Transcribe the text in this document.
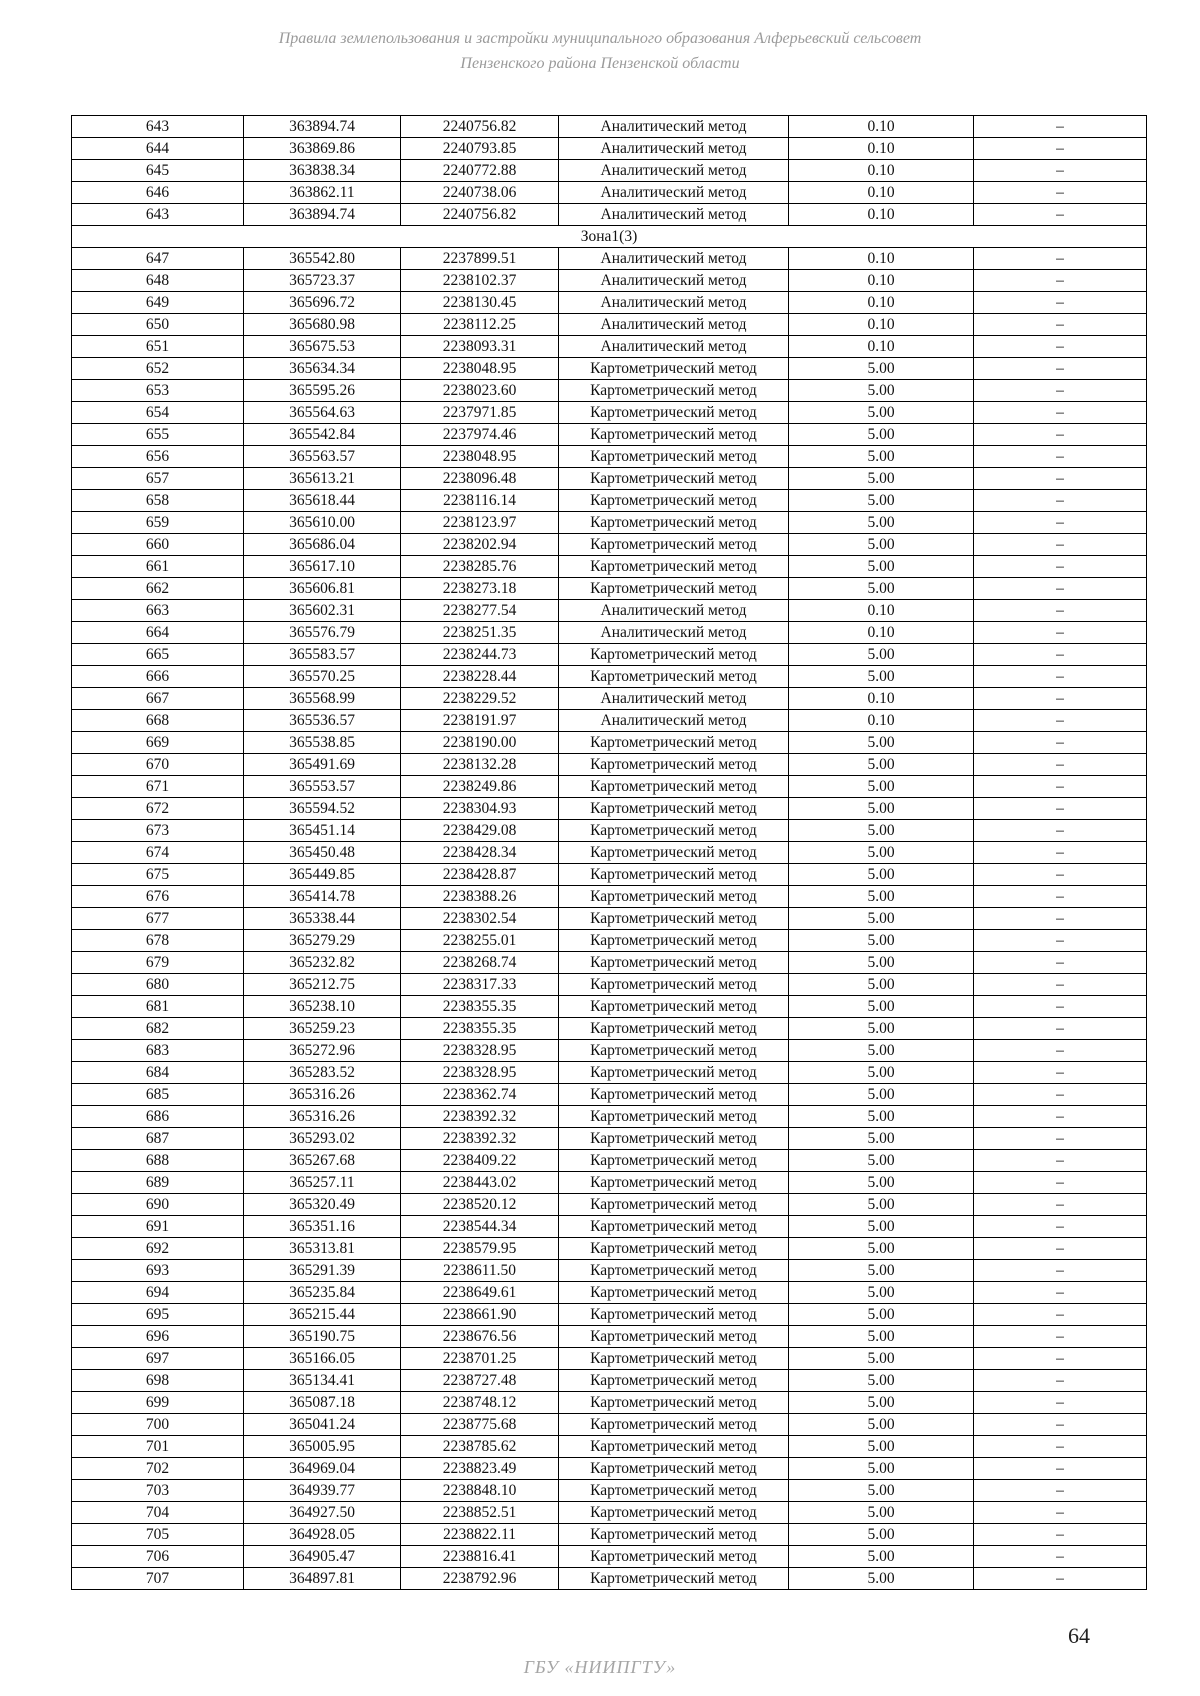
Правила землепользования и застройки муниципального образования Алферьевский сельсовет
Пензенского района Пензенской области
643	363894.74	2240756.82	Аналитический метод	0.10	–
644	363869.86	2240793.85	Аналитический метод	0.10	–
645	363838.34	2240772.88	Аналитический метод	0.10	–
646	363862.11	2240738.06	Аналитический метод	0.10	–
643	363894.74	2240756.82	Аналитический метод	0.10	–
Зона1(3)					
647	365542.80	2237899.51	Аналитический метод	0.10	–
648	365723.37	2238102.37	Аналитический метод	0.10	–
649	365696.72	2238130.45	Аналитический метод	0.10	–
650	365680.98	2238112.25	Аналитический метод	0.10	–
651	365675.53	2238093.31	Аналитический метод	0.10	–
652	365634.34	2238048.95	Картометрический метод	5.00	–
653	365595.26	2238023.60	Картометрический метод	5.00	–
654	365564.63	2237971.85	Картометрический метод	5.00	–
655	365542.84	2237974.46	Картометрический метод	5.00	–
656	365563.57	2238048.95	Картометрический метод	5.00	–
657	365613.21	2238096.48	Картометрический метод	5.00	–
658	365618.44	2238116.14	Картометрический метод	5.00	–
659	365610.00	2238123.97	Картометрический метод	5.00	–
660	365686.04	2238202.94	Картометрический метод	5.00	–
661	365617.10	2238285.76	Картометрический метод	5.00	–
662	365606.81	2238273.18	Картометрический метод	5.00	–
663	365602.31	2238277.54	Аналитический метод	0.10	–
664	365576.79	2238251.35	Аналитический метод	0.10	–
665	365583.57	2238244.73	Картометрический метод	5.00	–
666	365570.25	2238228.44	Картометрический метод	5.00	–
667	365568.99	2238229.52	Аналитический метод	0.10	–
668	365536.57	2238191.97	Аналитический метод	0.10	–
669	365538.85	2238190.00	Картометрический метод	5.00	–
670	365491.69	2238132.28	Картометрический метод	5.00	–
671	365553.57	2238249.86	Картометрический метод	5.00	–
672	365594.52	2238304.93	Картометрический метод	5.00	–
673	365451.14	2238429.08	Картометрический метод	5.00	–
674	365450.48	2238428.34	Картометрический метод	5.00	–
675	365449.85	2238428.87	Картометрический метод	5.00	–
676	365414.78	2238388.26	Картометрический метод	5.00	–
677	365338.44	2238302.54	Картометрический метод	5.00	–
678	365279.29	2238255.01	Картометрический метод	5.00	–
679	365232.82	2238268.74	Картометрический метод	5.00	–
680	365212.75	2238317.33	Картометрический метод	5.00	–
681	365238.10	2238355.35	Картометрический метод	5.00	–
682	365259.23	2238355.35	Картометрический метод	5.00	–
683	365272.96	2238328.95	Картометрический метод	5.00	–
684	365283.52	2238328.95	Картометрический метод	5.00	–
685	365316.26	2238362.74	Картометрический метод	5.00	–
686	365316.26	2238392.32	Картометрический метод	5.00	–
687	365293.02	2238392.32	Картометрический метод	5.00	–
688	365267.68	2238409.22	Картометрический метод	5.00	–
689	365257.11	2238443.02	Картометрический метод	5.00	–
690	365320.49	2238520.12	Картометрический метод	5.00	–
691	365351.16	2238544.34	Картометрический метод	5.00	–
692	365313.81	2238579.95	Картометрический метод	5.00	–
693	365291.39	2238611.50	Картометрический метод	5.00	–
694	365235.84	2238649.61	Картометрический метод	5.00	–
695	365215.44	2238661.90	Картометрический метод	5.00	–
696	365190.75	2238676.56	Картометрический метод	5.00	–
697	365166.05	2238701.25	Картометрический метод	5.00	–
698	365134.41	2238727.48	Картометрический метод	5.00	–
699	365087.18	2238748.12	Картометрический метод	5.00	–
700	365041.24	2238775.68	Картометрический метод	5.00	–
701	365005.95	2238785.62	Картометрический метод	5.00	–
702	364969.04	2238823.49	Картометрический метод	5.00	–
703	364939.77	2238848.10	Картометрический метод	5.00	–
704	364927.50	2238852.51	Картометрический метод	5.00	–
705	364928.05	2238822.11	Картометрический метод	5.00	–
706	364905.47	2238816.41	Картометрический метод	5.00	–
707	364897.81	2238792.96	Картометрический метод	5.00	–
64
ГБУ «НИИПГТУ»
